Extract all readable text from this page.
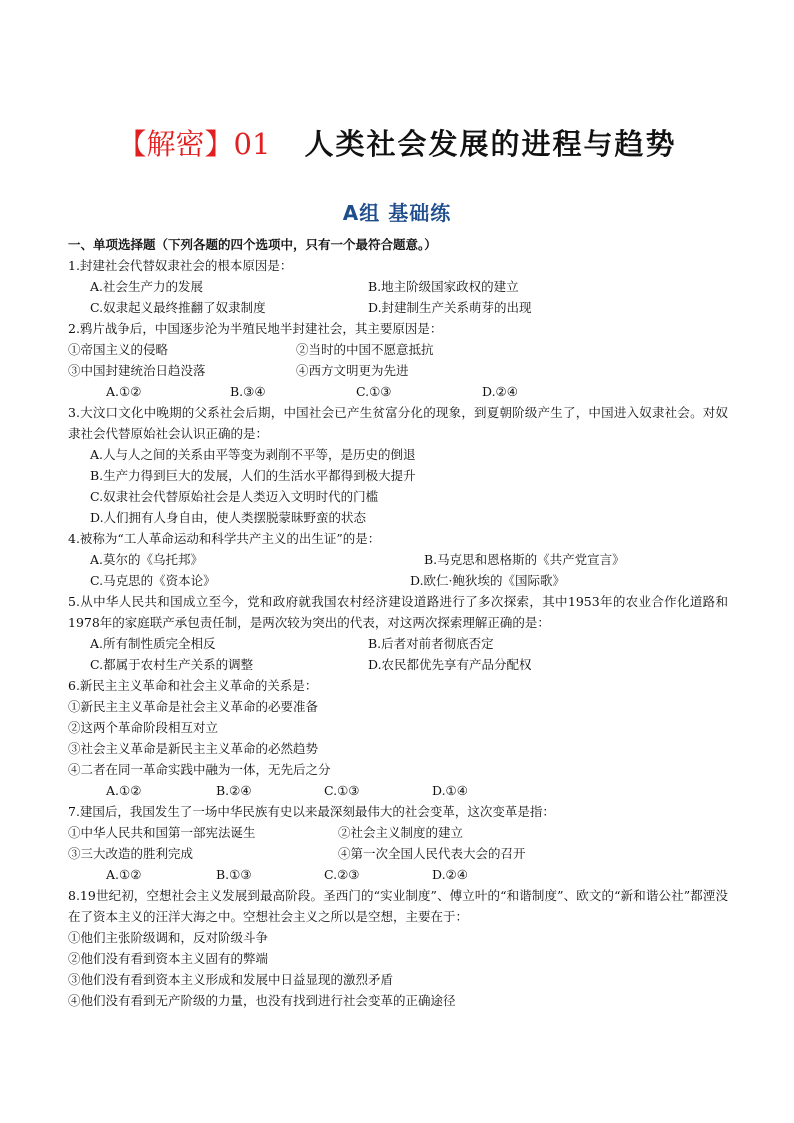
【解密】01 人类社会发展的进程与趋势
A组 基础练
一、单项选择题（下列各题的四个选项中，只有一个最符合题意。）
1.封建社会代替奴隶社会的根本原因是：
A.社会生产力的发展	B.地主阶级国家政权的建立
C.奴隶起义最终推翻了奴隶制度	D.封建制生产关系萌芽的出现
2.鸦片战争后，中国逐步沦为半殖民地半封建社会，其主要原因是：
①帝国主义的侵略	②当时的中国不愿意抵抗
③中国封建统治日趋没落	④西方文明更为先进
A.①②	B.③④	C.①③	D.②④
3.大汶口文化中晚期的父系社会后期，中国社会已产生贫富分化的现象，到夏朝阶级产生了，中国进入奴隶社会。对奴隶社会代替原始社会认识正确的是：
A.人与人之间的关系由平等变为剥削不平等，是历史的倒退
B.生产力得到巨大的发展，人们的生活水平都得到极大提升
C.奴隶社会代替原始社会是人类迈入文明时代的门槛
D.人们拥有人身自由，使人类摆脱蒙昧野蛮的状态
4.被称为“工人革命运动和科学共产主义的出生证”的是：
A.莫尔的《乌托邦》	B.马克思和恩格斯的《共产党宣言》
C.马克思的《资本论》	D.欧仁·鲍狄埃的《国际歌》
5.从中华人民共和国成立至今，党和政府就我国农村经济建设道路进行了多次探索，其中1953年的农业合作化道路和1978年的家庭联产承包责任制，是两次较为突出的代表，对这两次探索理解正确的是：
A.所有制性质完全相反	B.后者对前者彻底否定
C.都属于农村生产关系的调整	D.农民都优先享有产品分配权
6.新民主主义革命和社会主义革命的关系是：
①新民主主义革命是社会主义革命的必要准备
②这两个革命阶段相互对立
③社会主义革命是新民主主义革命的必然趋势
④二者在同一革命实践中融为一体，无先后之分
A.①②	B.②④	C.①③	D.①④
7.建国后，我国发生了一场中华民族有史以来最深刻最伟大的社会变革，这次变革是指：
①中华人民共和国第一部宪法诞生	②社会主义制度的建立
③三大改造的胜利完成	④第一次全国人民代表大会的召开
A.①②	B.①③	C.②③	D.②④
8.19世纪初，空想社会主义发展到最高阶段。圣西门的“实业制度”、傅立叶的“和谐制度”、欧文的“新和谐公社”都湮没在了资本主义的汪洋大海之中。空想社会主义之所以是空想，主要在于：
①他们主张阶级调和，反对阶级斗争
②他们没有看到资本主义固有的弊端
③他们没有看到资本主义形成和发展中日益显现的激烈矛盾
④他们没有看到无产阶级的力量，也没有找到进行社会变革的正确途径
